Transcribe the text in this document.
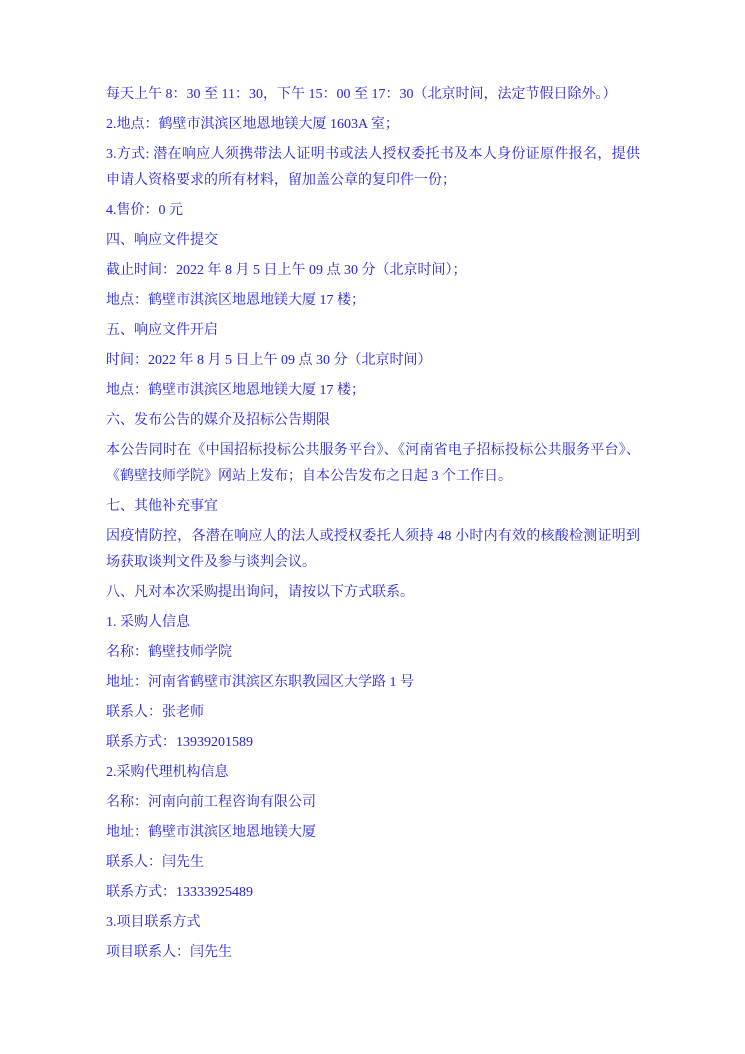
每天上午 8：30 至 11：30，下午 15：00 至 17：30（北京时间，法定节假日除外。）

2.地点：鹤壁市淇滨区地恩地镁大厦 1603A 室；

3.方式: 潜在响应人须携带法人证明书或法人授权委托书及本人身份证原件报名，提供申请人资格要求的所有材料，留加盖公章的复印件一份；

4.售价：0 元

四、响应文件提交

截止时间：2022 年 8 月 5 日上午 09 点 30 分（北京时间）；

地点：鹤壁市淇滨区地恩地镁大厦 17 楼；

五、响应文件开启

时间：2022 年 8 月 5 日上午 09 点 30 分（北京时间）

地点：鹤壁市淇滨区地恩地镁大厦 17 楼；

六、发布公告的媒介及招标公告期限

本公告同时在《中国招标投标公共服务平台》、《河南省电子招标投标公共服务平台》、《鹤壁技师学院》网站上发布；自本公告发布之日起 3 个工作日。

七、其他补充事宜

因疫情防控，各潜在响应人的法人或授权委托人须持 48 小时内有效的核酸检测证明到场获取谈判文件及参与谈判会议。

八、凡对本次采购提出询问，请按以下方式联系。

1. 采购人信息

名称：鹤壁技师学院

地址：河南省鹤壁市淇滨区东职教园区大学路 1 号

联系人：张老师

联系方式：13939201589

2.采购代理机构信息

名称：河南向前工程咨询有限公司

地址：鹤壁市淇滨区地恩地镁大厦

联系人：闫先生

联系方式：13333925489

3.项目联系方式

项目联系人：闫先生
